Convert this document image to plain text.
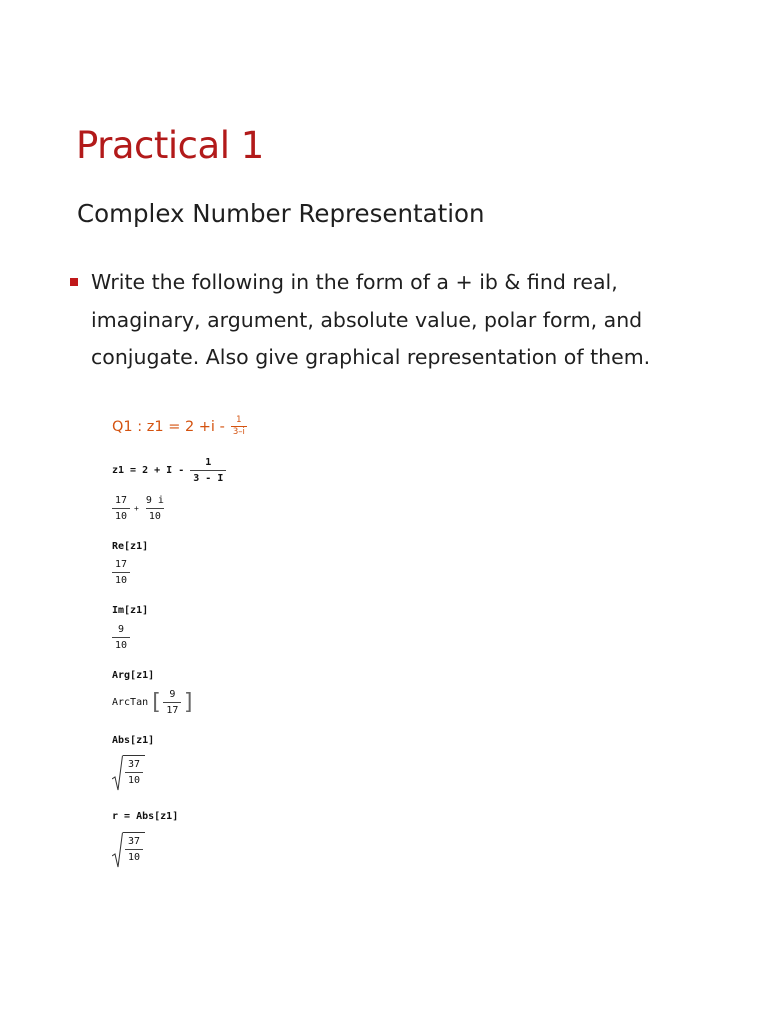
Practical 1
Complex Number Representation
Write the following in the form of a + ib & find real, imaginary, argument, absolute value, polar form, and conjugate. Also give graphical representation of them.
Q1 : $z1 = 2 +i - \frac{1}{3-i}$
$z1 = 2 + I - \frac{1}{3 - I}$
$\frac{17}{10} + \frac{9 i}{10}$
Re[z1]
$\frac{17}{10}$
Im[z1]
$\frac{9}{10}$
Arg[z1]
ArcTan [ $\frac{9}{17}$ ]
Abs[z1]
$\frac{37}{10}$
r = Abs[z1]
$\frac{37}{10}$
